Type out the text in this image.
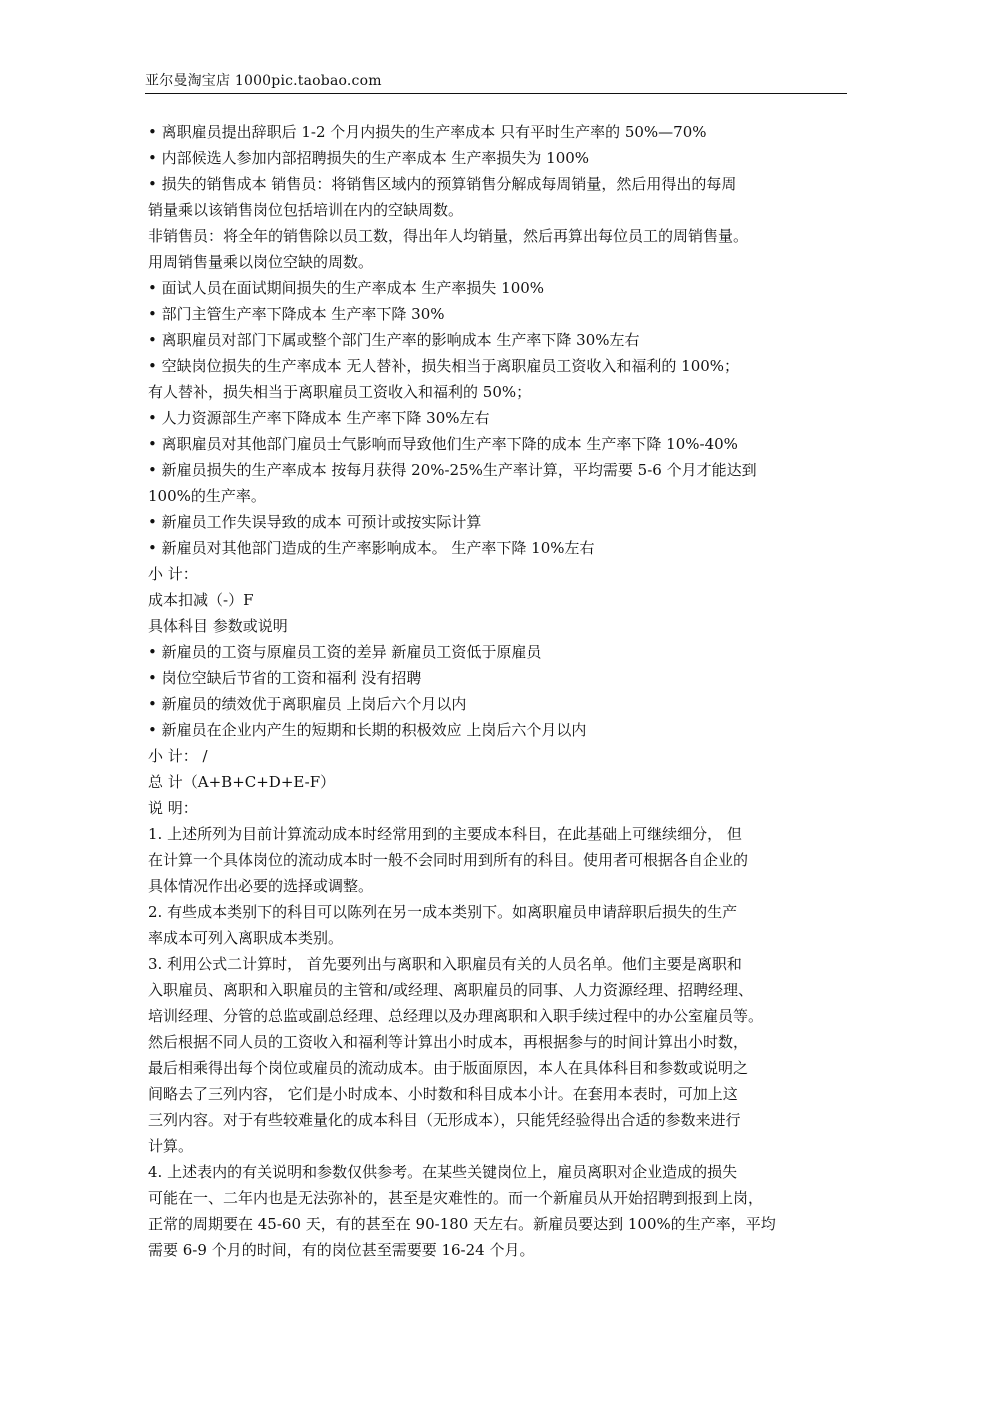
亚尔曼淘宝店 1000pic.taobao.com
• 离职雇员提出辞职后 1-2 个月内损失的生产率成本 只有平时生产率的 50%—70%
• 内部候选人参加内部招聘损失的生产率成本 生产率损失为 100%
• 损失的销售成本 销售员：将销售区域内的预算销售分解成每周销量，然后用得出的每周
销量乘以该销售岗位包括培训在内的空缺周数。
非销售员：将全年的销售除以员工数，得出年人均销量，然后再算出每位员工的周销售量。
用周销售量乘以岗位空缺的周数。
• 面试人员在面试期间损失的生产率成本 生产率损失 100%
• 部门主管生产率下降成本 生产率下降 30%
• 离职雇员对部门下属或整个部门生产率的影响成本 生产率下降 30%左右
• 空缺岗位损失的生产率成本 无人替补，损失相当于离职雇员工资收入和福利的 100%；
有人替补，损失相当于离职雇员工资收入和福利的 50%；
• 人力资源部生产率下降成本 生产率下降 30%左右
• 离职雇员对其他部门雇员士气影响而导致他们生产率下降的成本 生产率下降 10%-40%
• 新雇员损失的生产率成本 按每月获得 20%-25%生产率计算，平均需要 5-6 个月才能达到
100%的生产率。
• 新雇员工作失误导致的成本 可预计或按实际计算
• 新雇员对其他部门造成的生产率影响成本。 生产率下降 10%左右
小 计：
成本扣减（-）F
具体科目 参数或说明
• 新雇员的工资与原雇员工资的差异 新雇员工资低于原雇员
• 岗位空缺后节省的工资和福利 没有招聘
• 新雇员的绩效优于离职雇员 上岗后六个月以内
• 新雇员在企业内产生的短期和长期的积极效应 上岗后六个月以内
小 计： /
总 计（A+B+C+D+E-F）
说 明：
1. 上述所列为目前计算流动成本时经常用到的主要成本科目，在此基础上可继续细分， 但
在计算一个具体岗位的流动成本时一般不会同时用到所有的科目。使用者可根据各自企业的
具体情况作出必要的选择或调整。
2. 有些成本类别下的科目可以陈列在另一成本类别下。如离职雇员申请辞职后损失的生产
率成本可列入离职成本类别。
3. 利用公式二计算时， 首先要列出与离职和入职雇员有关的人员名单。他们主要是离职和
入职雇员、离职和入职雇员的主管和/或经理、离职雇员的同事、人力资源经理、招聘经理、
培训经理、分管的总监或副总经理、总经理以及办理离职和入职手续过程中的办公室雇员等。
然后根据不同人员的工资收入和福利等计算出小时成本，再根据参与的时间计算出小时数，
最后相乘得出每个岗位或雇员的流动成本。由于版面原因，本人在具体科目和参数或说明之
间略去了三列内容， 它们是小时成本、小时数和科目成本小计。在套用本表时，可加上这
三列内容。对于有些较难量化的成本科目（无形成本），只能凭经验得出合适的参数来进行
计算。
4. 上述表内的有关说明和参数仅供参考。在某些关键岗位上，雇员离职对企业造成的损失
可能在一、二年内也是无法弥补的，甚至是灾难性的。而一个新雇员从开始招聘到报到上岗，
正常的周期要在 45-60 天，有的甚至在 90-180 天左右。新雇员要达到 100%的生产率，平均
需要 6-9 个月的时间，有的岗位甚至需要要 16-24 个月。
